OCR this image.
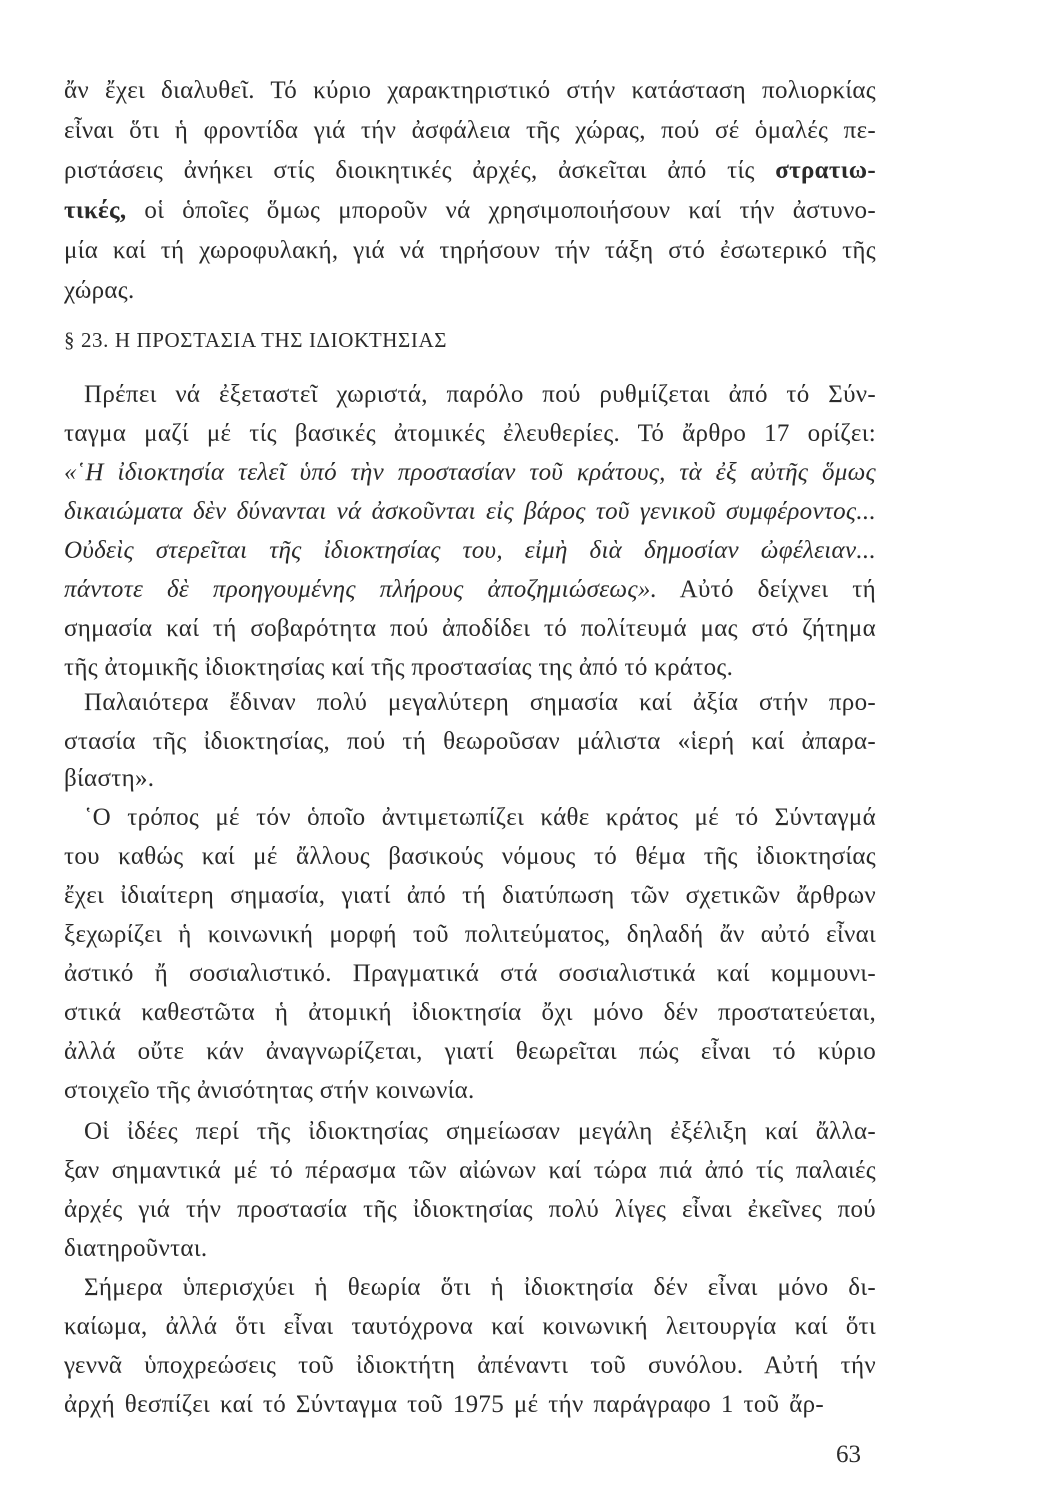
ἄν ἔχει διαλυθεῖ. Τό κύριο χαρακτηριστικό στήν κατάσταση πολιορκίας
εἶναι ὅτι ἡ φροντίδα γιά τήν ἀσφάλεια τῆς χώρας, πού σέ ὁμαλές πε-
ριστάσεις ἀνήκει στίς διοικητικές ἀρχές, ἀσκεῖται ἀπό τίς στρατιω-
τικές, οἱ ὁποῖες ὅμως μποροῦν νά χρησιμοποιήσουν καί τήν ἀστυνο-
μία καί τή χωροφυλακή, γιά νά τηρήσουν τήν τάξη στό ἐσωτερικό τῆς
χώρας.
§ 23. Η ΠΡΟΣΤΑΣΙΑ ΤΗΣ ΙΔΙΟΚΤΗΣΙΑΣ
Πρέπει νά ἐξεταστεῖ χωριστά, παρόλο πού ρυθμίζεται ἀπό τό Σύν-
ταγμα μαζί μέ τίς βασικές ἀτομικές ἐλευθερίες. Τό ἄρθρο 17 ορίζει:
«῾Η ἰδιοκτησία τελεῖ ὑπό τὴν προστασίαν τοῦ κράτους, τὰ ἐξ αὐτῆς ὅμως
δικαιώματα δὲν δύνανται νά ἀσκοῦνται εἰς βάρος τοῦ γενικοῦ συμφέροντος...
Οὐδεὶς στερεῖται τῆς ἰδιοκτησίας του, εἰμὴ διὰ δημοσίαν ὠφέλειαν...
πάντοτε δὲ προηγουμένης πλήρους ἀποζημιώσεως». Αὐτό δείχνει τή
σημασία καί τή σοβαρότητα πού ἀποδίδει τό πολίτευμά μας στό ζήτημα
τῆς ἀτομικῆς ἰδιοκτησίας καί τῆς προστασίας της ἀπό τό κράτος.
Παλαιότερα ἔδιναν πολύ μεγαλύτερη σημασία καί ἀξία στήν προ-
στασία τῆς ἰδιοκτησίας, πού τή θεωροῦσαν μάλιστα «ἱερή καί ἀπαρα-
βίαστη».
῾Ο τρόπος μέ τόν ὁποῖο ἀντιμετωπίζει κάθε κράτος μέ τό Σύνταγμά
του καθώς καί μέ ἄλλους βασικούς νόμους τό θέμα τῆς ἰδιοκτησίας
ἔχει ἰδιαίτερη σημασία, γιατί ἀπό τή διατύπωση τῶν σχετικῶν ἄρθρων
ξεχωρίζει ἡ κοινωνική μορφή τοῦ πολιτεύματος, δηλαδή ἄν αὐτό εἶναι
ἀστικό ἤ σοσιαλιστικό. Πραγματικά στά σοσιαλιστικά καί κομμουνι-
στικά καθεστῶτα ἡ ἀτομική ἰδιοκτησία ὄχι μόνο δέν προστατεύεται,
ἀλλά οὔτε κάν ἀναγνωρίζεται, γιατί θεωρεῖται πώς εἶναι τό κύριο
στοιχεῖο τῆς ἀνισότητας στήν κοινωνία.
Οἱ ἰδέες περί τῆς ἰδιοκτησίας σημείωσαν μεγάλη ἐξέλιξη καί ἄλλα-
ξαν σημαντικά μέ τό πέρασμα τῶν αἰώνων καί τώρα πιά ἀπό τίς παλαιές
ἀρχές γιά τήν προστασία τῆς ἰδιοκτησίας πολύ λίγες εἶναι ἐκεῖνες πού
διατηροῦνται.
Σήμερα ὑπερισχύει ἡ θεωρία ὅτι ἡ ἰδιοκτησία δέν εἶναι μόνο δι-
καίωμα, ἀλλά ὅτι εἶναι ταυτόχρονα καί κοινωνική λειτουργία καί ὅτι
γεννᾶ ὑποχρεώσεις τοῦ ἰδιοκτήτη ἀπέναντι τοῦ συνόλου. Αὐτή τήν
ἀρχή θεσπίζει καί τό Σύνταγμα τοῦ 1975 μέ τήν παράγραφο 1 τοῦ ἄρ-
63
